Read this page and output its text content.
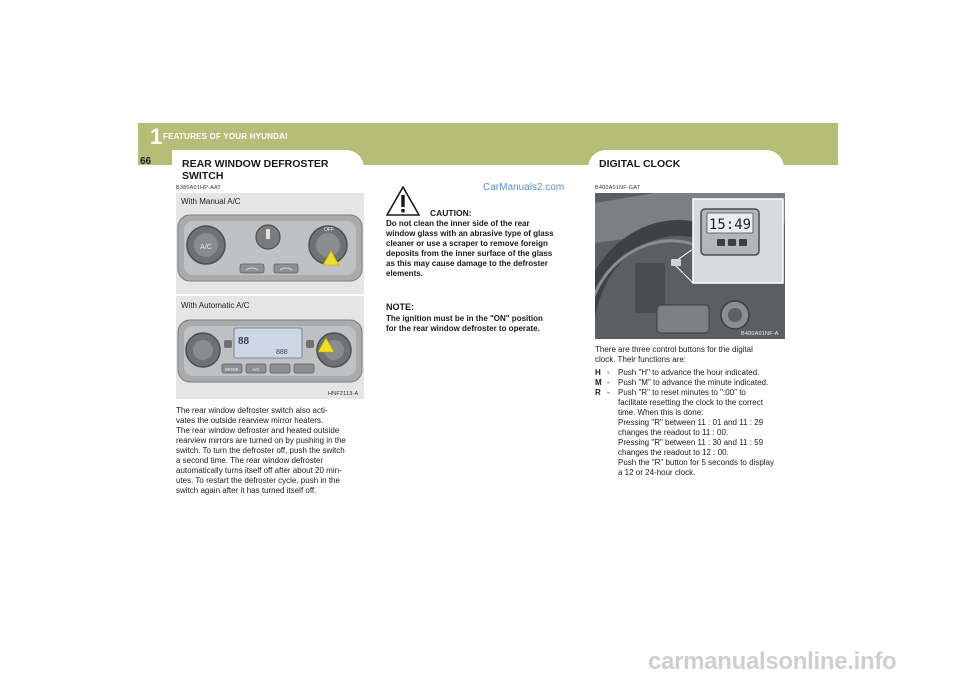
1 FEATURES OF YOUR HYUNDAI
66	REAR WINDOW DEFROSTER
SWITCH
B380A01HP-AAT
A/C
OFF
With Manual A/C
88
888
MODE	A/C
With Automatic A/C
HNF2113-A
The rear window defroster switch also acti-
vates the outside rearview mirror heaters.
The rear window defroster and heated outside
rearview mirrors are turned on by pushing in the
switch. To turn the defroster off, push the switch
a second time. The rear window defroster
automatically turns itself off after about 20 min-
utes. To restart the defroster cycle, push in the
switch again after it has turned itself off.
CarManuals2.com
CAUTION:
Do not clean the inner side of the rear
window glass with an abrasive type of glass
cleaner or use a scraper to remove foreign
deposits from the inner surface of the glass
as this may cause damage to the defroster
elements.
NOTE:
The ignition must be in the "ON" position
for the rear window defroster to operate.
DIGITAL CLOCK
B400A01NF-GAT
15:49
B400A01NF-A
There are three control buttons for the digital
clock. Their functions are:
H -	Push "H" to advance the hour indicated.
M -	Push "M" to advance the minute indicated.
R -	Push "R" to reset minutes to ":00" to
facilitate resetting the clock to the correct
time. When this is done:
Pressing "R" between 11 : 01 and 11 : 29
changes the readout to 11 : 00.
Pressing "R" between 11 : 30 and 11 : 59
changes the readout to 12 : 00.
Push the "R" button for 5 seconds to display
a 12 or 24-hour clock.
carmanualsonline.info
